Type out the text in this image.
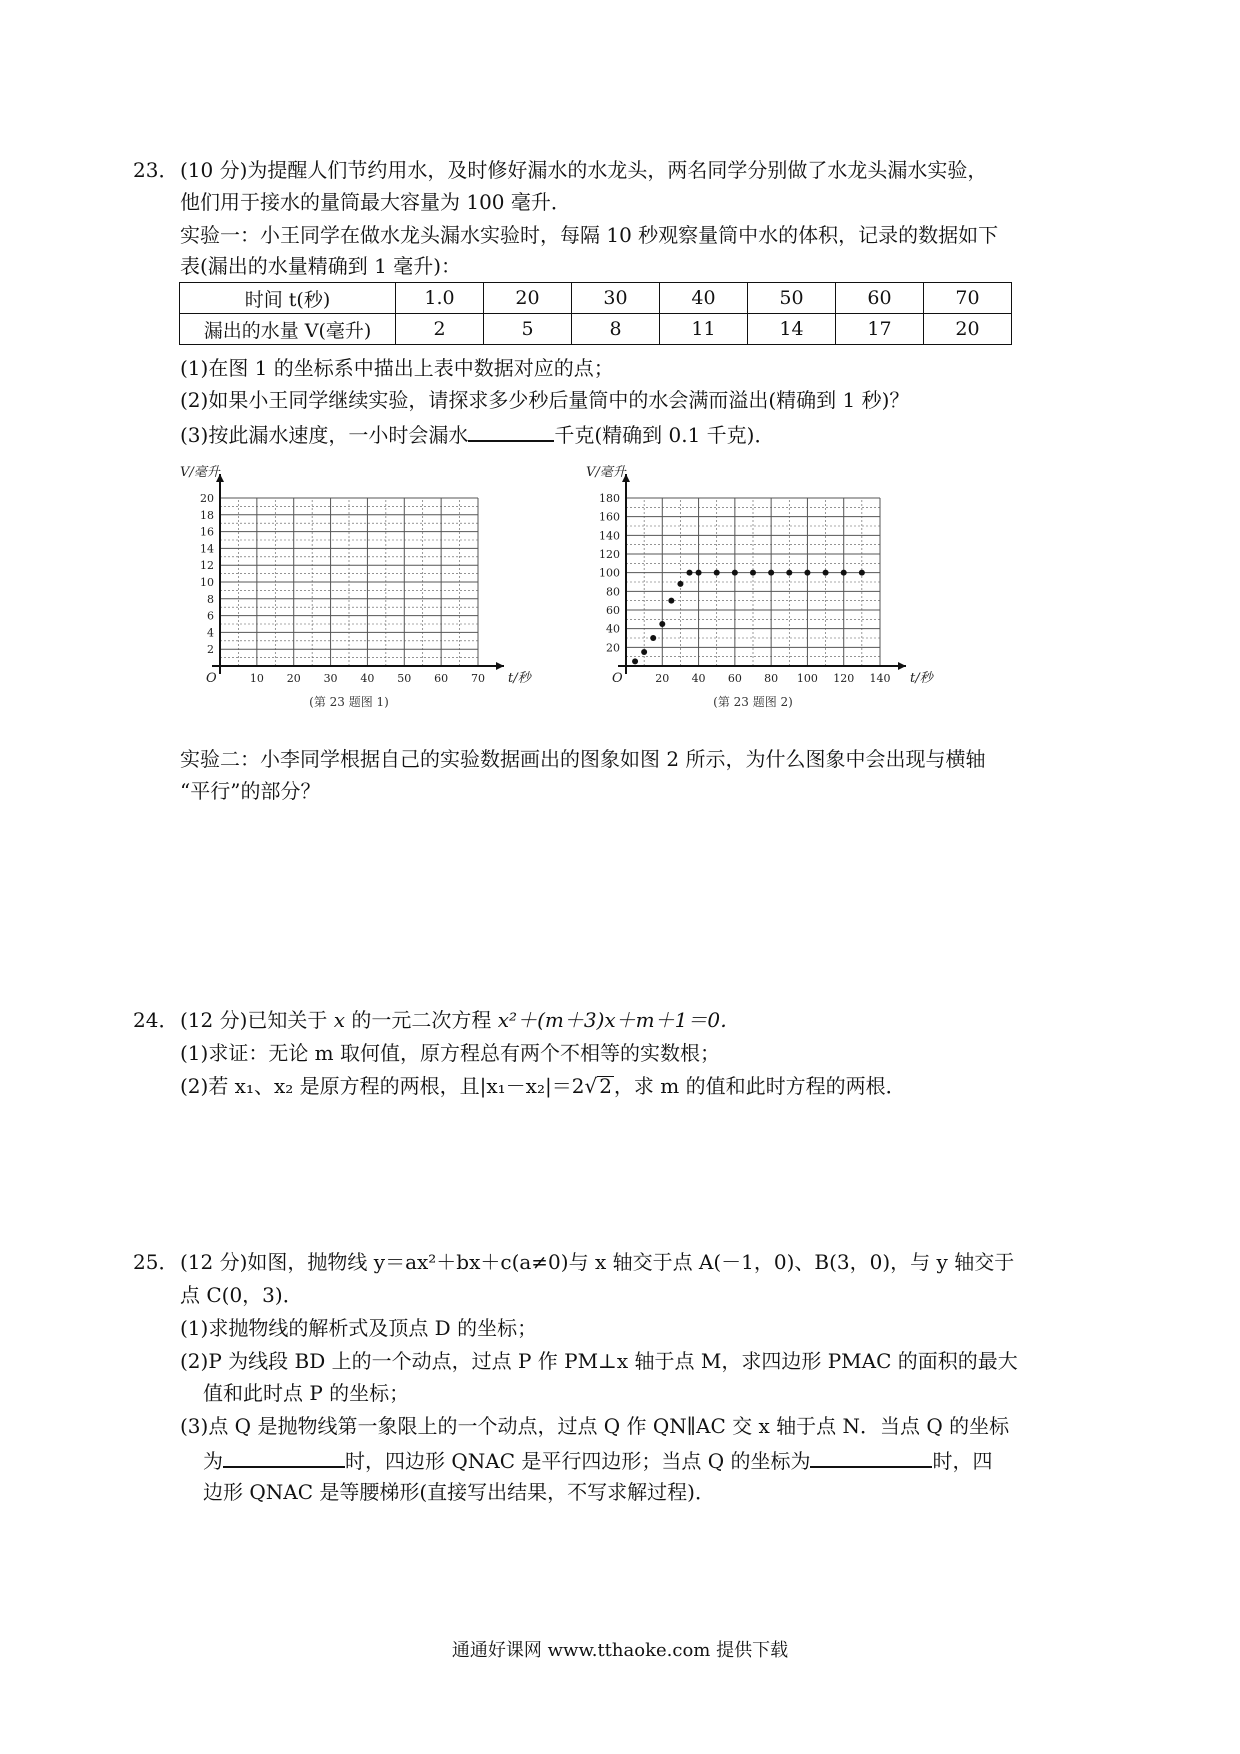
23． (10 分)为提醒人们节约用水，及时修好漏水的水龙头，两名同学分别做了水龙头漏水实验，
他们用于接水的量筒最大容量为 100 毫升．
实验一：小王同学在做水龙头漏水实验时，每隔 10 秒观察量筒中水的体积，记录的数据如下
表(漏出的水量精确到 1 毫升)：
时间 t(秒)	1.0	20	30	40	50	60	70
漏出的水量 V(毫升)	2	5	8	11	14	17	20
(1)在图 1 的坐标系中描出上表中数据对应的点；
(2)如果小王同学继续实验，请探求多少秒后量筒中的水会满而溢出(精确到 1 秒)？
(3)按此漏水速度，一小时会漏水	千克(精确到 0.1 千克)．
10 20 30 40 50 60 70
2
4
6
8
10
12
14
16
18
20
O	t/秒
V/毫升
(第 23 题图 1)
20 40 60 80 100 120 140
20
40
60
80
100
120
140
160
180
O	t/秒
V/毫升
(第 23 题图 2)
实验二：小李同学根据自己的实验数据画出的图象如图 2 所示，为什么图象中会出现与横轴
“平行”的部分？
24． (12 分)已知关于 x 的一元二次方程 x²＋(m＋3)x＋m＋1＝0．
(1)求证：无论 m 取何值，原方程总有两个不相等的实数根；
(2)若 x₁、x₂ 是原方程的两根，且|x₁－x₂|＝2√ 2 ，求 m 的值和此时方程的两根．
25． (12 分)如图，抛物线 y＝ax²＋bx＋c(a≠0)与 x 轴交于点 A(－1，0)、B(3，0)，与 y 轴交于
点 C(0，3)．
(1)求抛物线的解析式及顶点 D 的坐标；
(2)P 为线段 BD 上的一个动点，过点 P 作 PM⊥x 轴于点 M，求四边形 PMAC 的面积的最大
值和此时点 P 的坐标；
(3)点 Q 是抛物线第一象限上的一个动点，过点 Q 作 QN∥AC 交 x 轴于点 N．当点 Q 的坐标
为	时，四边形 QNAC 是平行四边形；当点 Q 的坐标为	时，四
边形 QNAC 是等腰梯形(直接写出结果，不写求解过程)．
通通好课网 www.tthaoke.com 提供下载
